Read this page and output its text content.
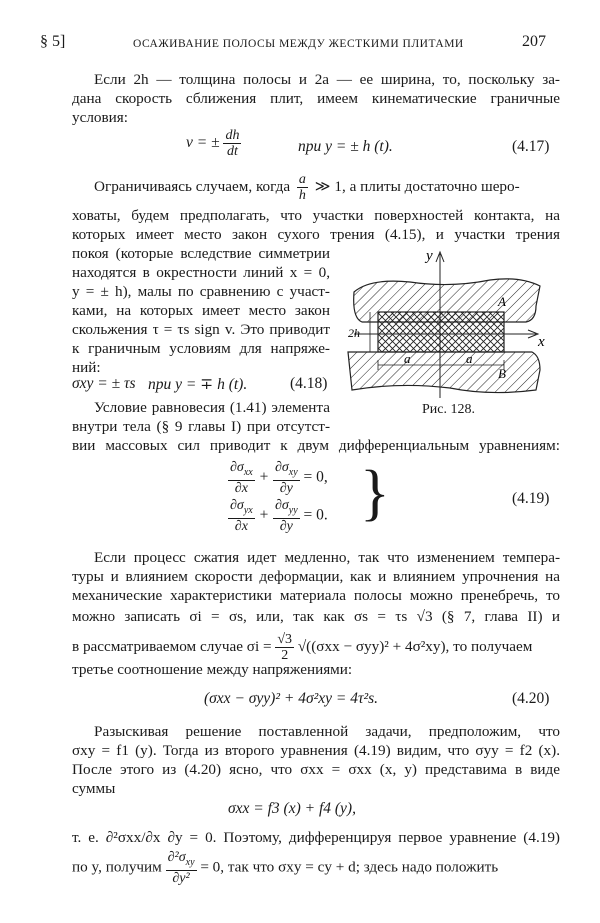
§ 5]	ОСАЖИВАНИЕ ПОЛОСЫ МЕЖДУ ЖЕСТКИМИ ПЛИТАМИ	207
Если 2h — толщина полосы и 2a — ее ширина, то, поскольку за-
дана скорость сближения плит, имеем кинематические граничные
условия:
v = ± $\frac{dh}{dt}$	при y = ± h (t).	(4.17)
Ограничиваясь случаем, когда $\frac{a}{h}$ ≫ 1, а плиты достаточно шеро-
ховаты, будем предполагать, что участки поверхностей контакта, на
которых имеет место закон сухого трения (4.15), и участки трения
покоя (которые вследствие симметрии
находятся в окрестности линий x = 0,
y = ± h), малы по сравнению с участ-
ками, на которых имеет место закон
скольжения τ = τs sign v. Это приводит
к граничным условиям для напряже-
ний:
σxy = ± τs при y = ∓ h (t).	(4.18)
y
x
2h
A
B
a	a
Рис. 128.
Условие равновесия (1.41) элемента
внутри тела (§ 9 главы I) при отсутст-
вии массовых сил приводит к двум дифференциальным уравнениям:
$\frac{\partial\sigma_{xx}}{\partial x} + \frac{\partial\sigma_{xy}}{\partial y} = 0$,
$\frac{\partial\sigma_{yx}}{\partial x} + \frac{\partial\sigma_{yy}}{\partial y} = 0$. }	(4.19)
Если процесс сжатия идет медленно, так что изменением темпера-
туры и влиянием скорости деформации, как и влиянием упрочнения на
механические характеристики материала полосы можно пренебречь, то
можно записать σi = σs, или, так как σs = τs √3 (§ 7, глава II) и
в рассматриваемом случае $\sigma i = \frac{√3}{2} √((\sigma xx - \sigma yy)^2 + 4\sigma^2xy)$, то получаем
третье соотношение между напряжениями:
(σxx − σyy)² + 4σ²xy = 4τ²s.	(4.20)
Разыскивая решение поставленной задачи, предположим, что
σxy = f1 (y). Тогда из второго уравнения (4.19) видим, что σyy = f2 (x).
После этого из (4.20) ясно, что σxx = σxx (x, y) представима в виде
суммы
σxx = f3 (x) + f4 (y),
т. е. ∂²σxx/∂x ∂y = 0. Поэтому, дифференцируя первое уравнение (4.19)
по y, получим $\frac{\partial^2\sigma_{xy}}{\text{∂y²}} = 0$, так что σxy = cy + d; здесь надо положить
